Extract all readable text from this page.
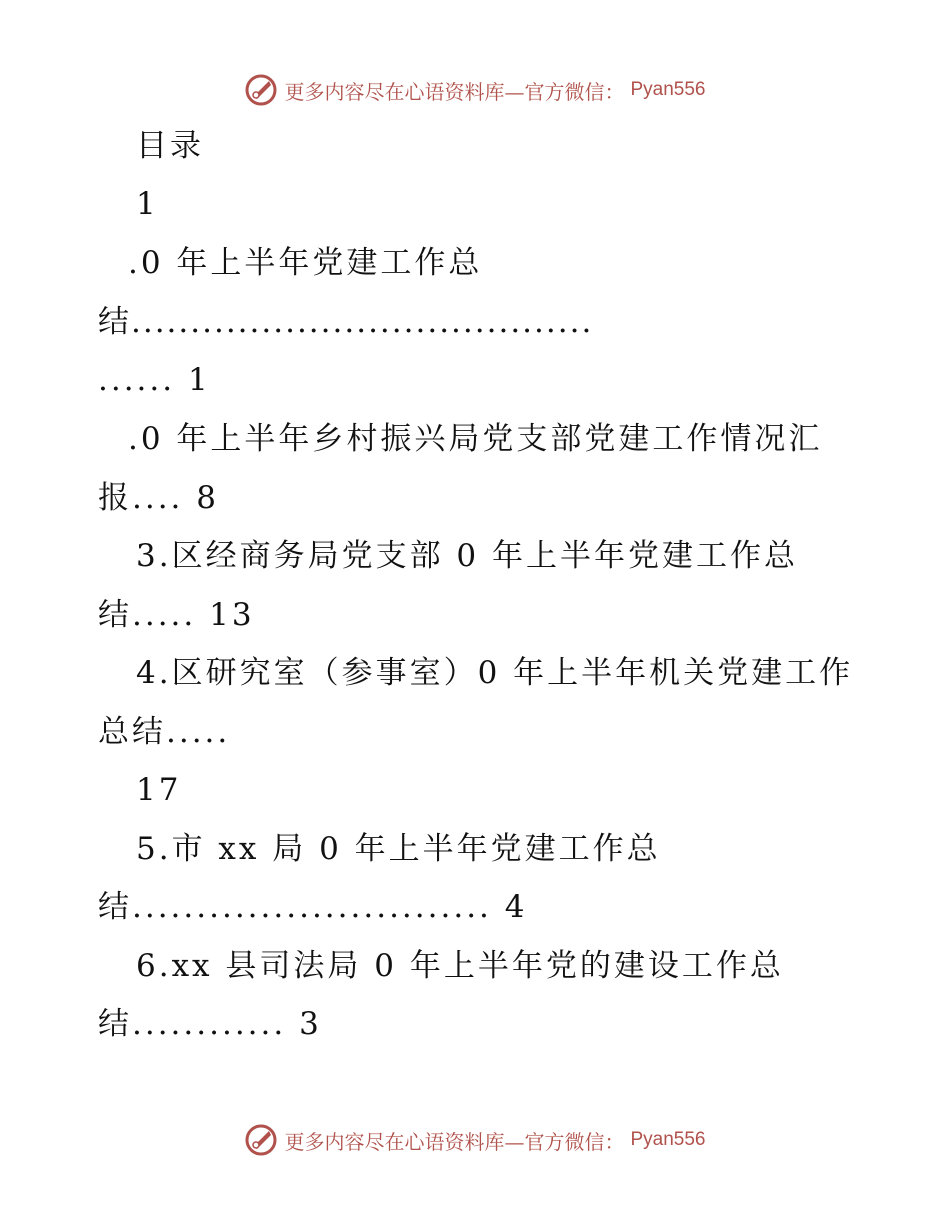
更多内容尽在心语资料库—官方微信： Pyan556
目录
1
.0 年上半年党建工作总
结.......................................
...... 1
.0 年上半年乡村振兴局党支部党建工作情况汇
报.... 8
3.区经商务局党支部 0 年上半年党建工作总
结..... 13
4.区研究室（参事室）0 年上半年机关党建工作
总结.....
17
5.市 xx 局 0 年上半年党建工作总
结............................ 4
6.xx 县司法局 0 年上半年党的建设工作总
结............ 3
更多内容尽在心语资料库—官方微信： Pyan556
